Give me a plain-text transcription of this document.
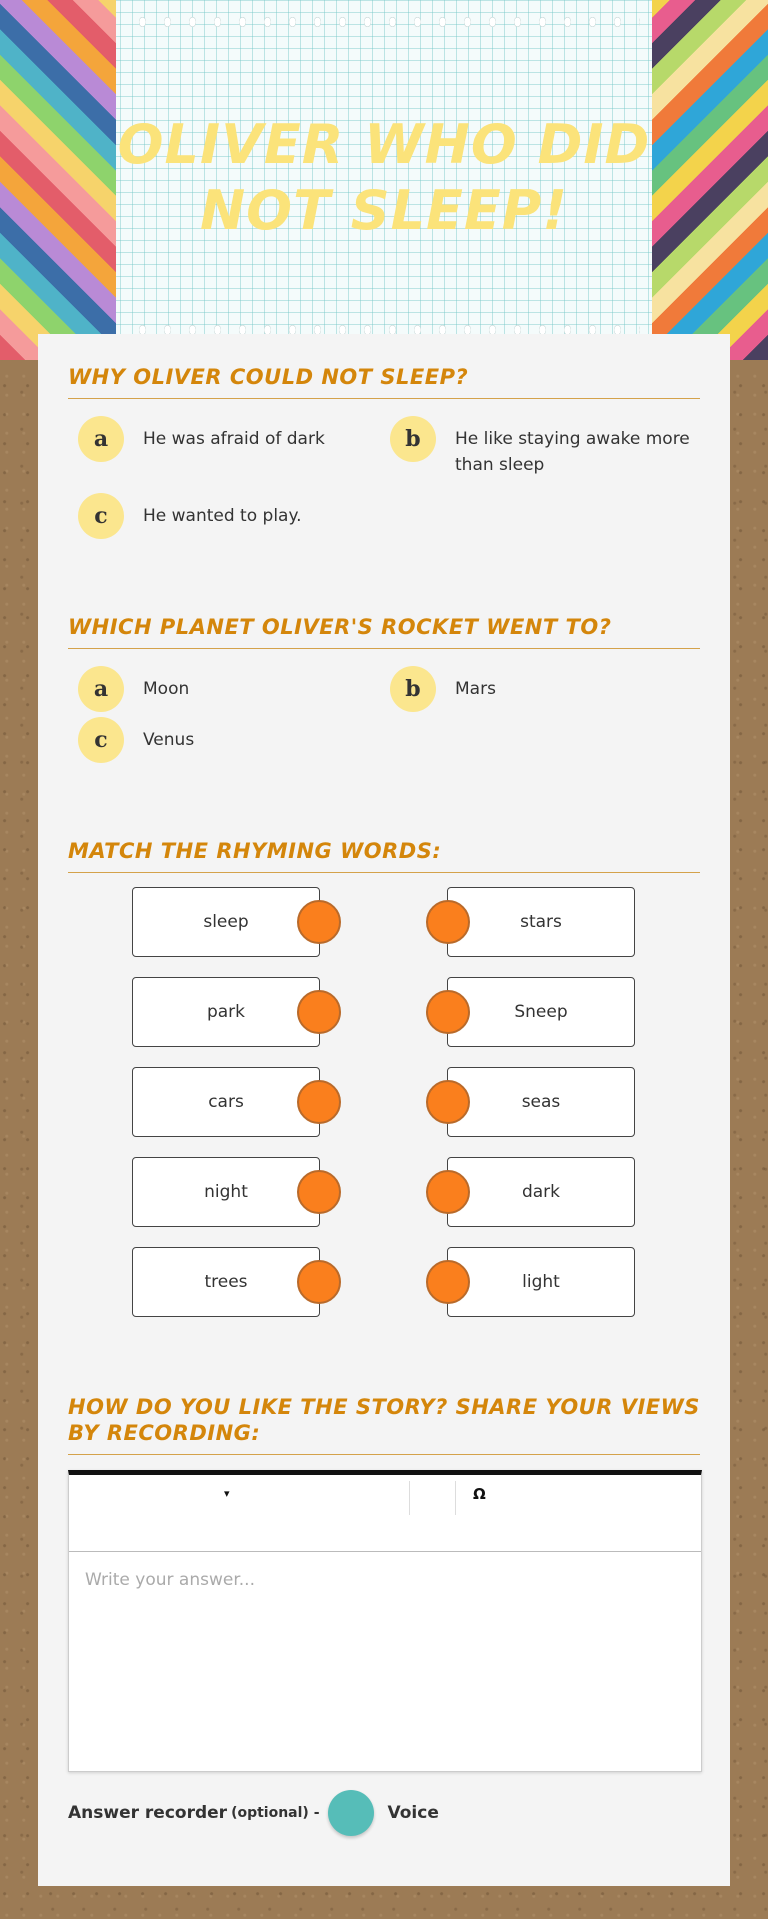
OLIVER WHO DID NOT SLEEP!
WHY OLIVER COULD NOT SLEEP?
a	He was afraid of dark	b	He like staying awake more than sleep
c	He wanted to play.
WHICH PLANET OLIVER'S ROCKET WENT TO?
a	Moon	b	Mars
c	Venus
MATCH THE RHYMING WORDS:
sleep	stars
park	Sneep
cars	seas
night	dark
trees	light
HOW DO YOU LIKE THE STORY? SHARE YOUR VIEWS BY RECORDING:
▾	Ω
Write your answer...
Answer recorder (optional) -	Voice
